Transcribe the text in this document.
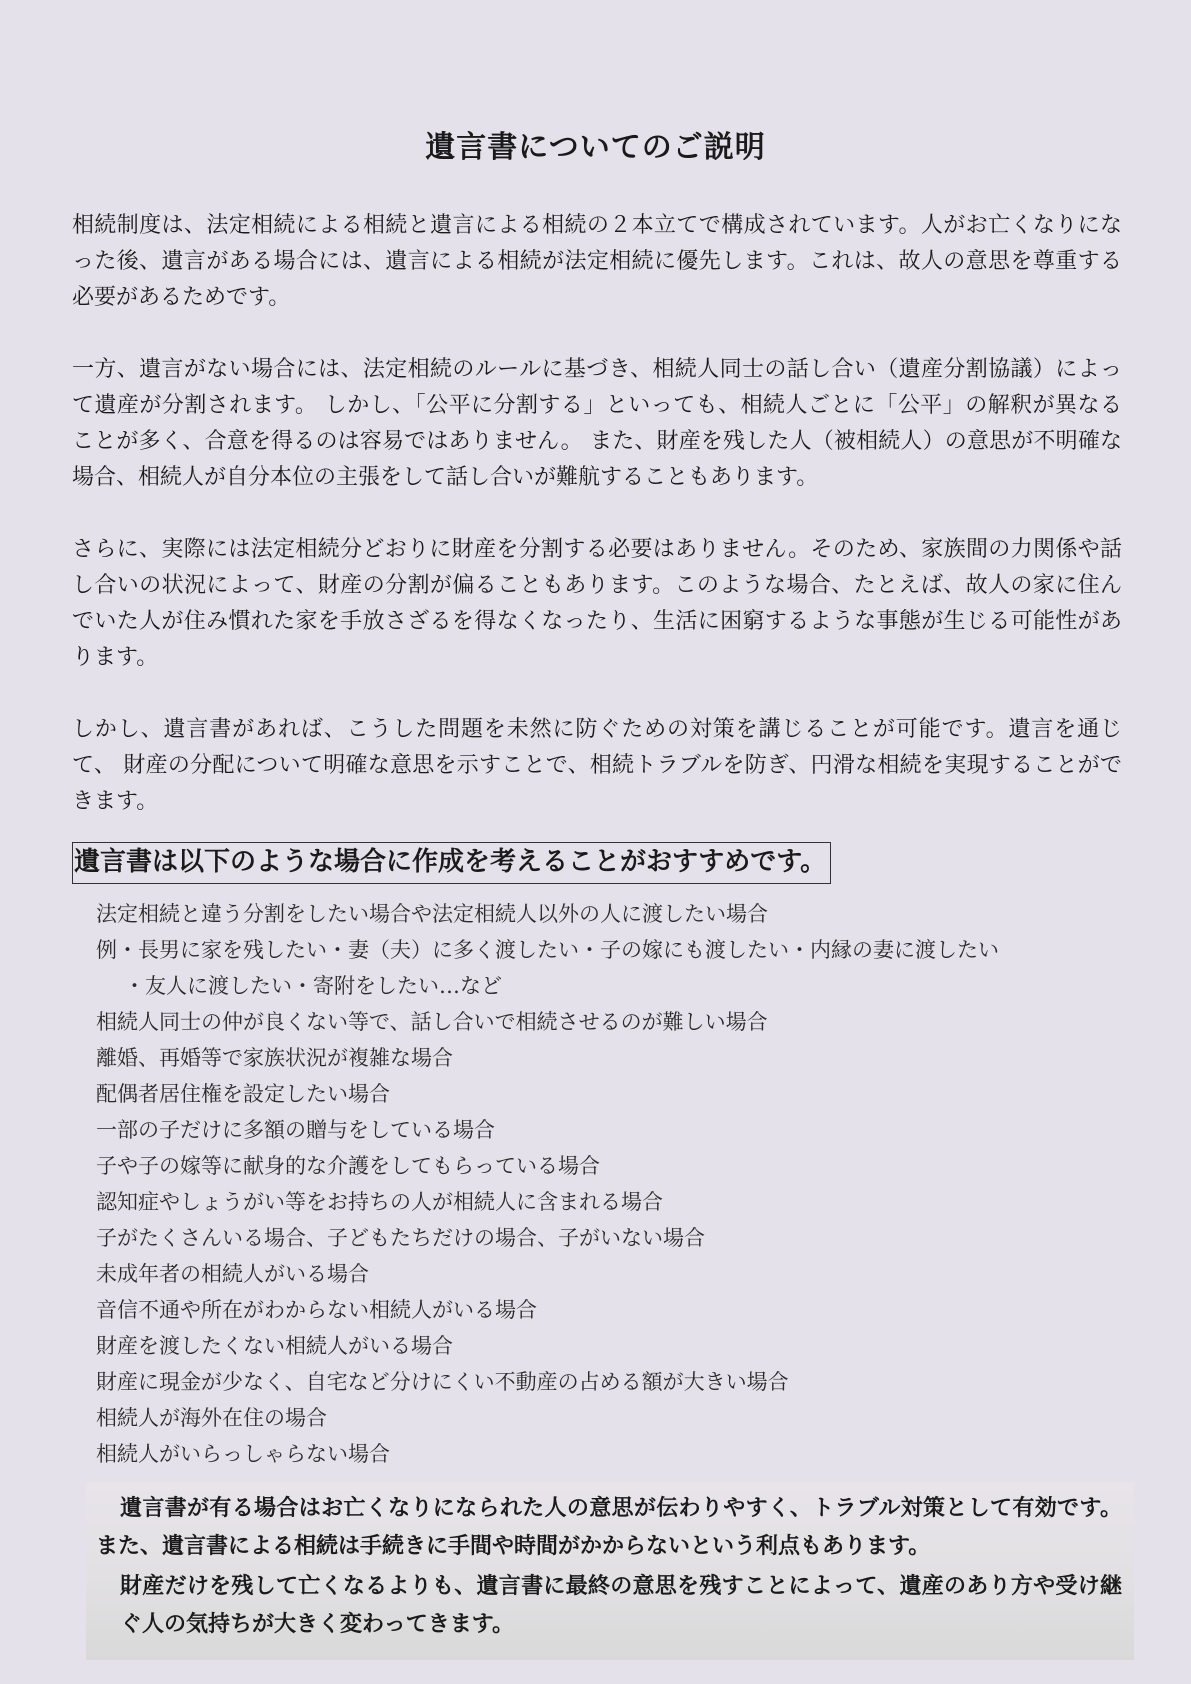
遺言書についてのご説明

相続制度は、法定相続による相続と遺言による相続の２本立てで構成されています。人がお亡くなりになった後、遺言がある場合には、遺言による相続が法定相続に優先します。これは、故人の意思を尊重する必要があるためです。

一方、遺言がない場合には、法定相続のルールに基づき、相続人同士の話し合い（遺産分割協議）によって遺産が分割されます。 しかし、「公平に分割する」といっても、相続人ごとに「公平」の解釈が異なることが多く、合意を得るのは容易ではありません。 また、財産を残した人（被相続人）の意思が不明確な場合、相続人が自分本位の主張をして話し合いが難航することもあります。

さらに、実際には法定相続分どおりに財産を分割する必要はありません。そのため、家族間の力関係や話し合いの状況によって、財産の分割が偏ることもあります。このような場合、たとえば、故人の家に住んでいた人が住み慣れた家を手放さざるを得なくなったり、生活に困窮するような事態が生じる可能性があります。

しかし、遺言書があれば、こうした問題を未然に防ぐための対策を講じることが可能です。遺言を通じて、 財産の分配について明確な意思を示すことで、相続トラブルを防ぎ、円滑な相続を実現することができます。

遺言書は以下のような場合に作成を考えることがおすすめです。
法定相続と違う分割をしたい場合や法定相続人以外の人に渡したい場合
例・長男に家を残したい・妻（夫）に多く渡したい・子の嫁にも渡したい・内縁の妻に渡したい
・友人に渡したい・寄附をしたい…など
相続人同士の仲が良くない等で、話し合いで相続させるのが難しい場合
離婚、再婚等で家族状況が複雑な場合
配偶者居住権を設定したい場合
一部の子だけに多額の贈与をしている場合
子や子の嫁等に献身的な介護をしてもらっている場合
認知症やしょうがい等をお持ちの人が相続人に含まれる場合
子がたくさんいる場合、子どもたちだけの場合、子がいない場合
未成年者の相続人がいる場合
音信不通や所在がわからない相続人がいる場合
財産を渡したくない相続人がいる場合
財産に現金が少なく、自宅など分けにくい不動産の占める額が大きい場合
相続人が海外在住の場合
相続人がいらっしゃらない場合

遺言書が有る場合はお亡くなりになられた人の意思が伝わりやすく、トラブル対策として有効です。また、遺言書による相続は手続きに手間や時間がかからないという利点もあります。

財産だけを残して亡くなるよりも、遺言書に最終の意思を残すことによって、遺産のあり方や受け継ぐ人の気持ちが大きく変わってきます。
